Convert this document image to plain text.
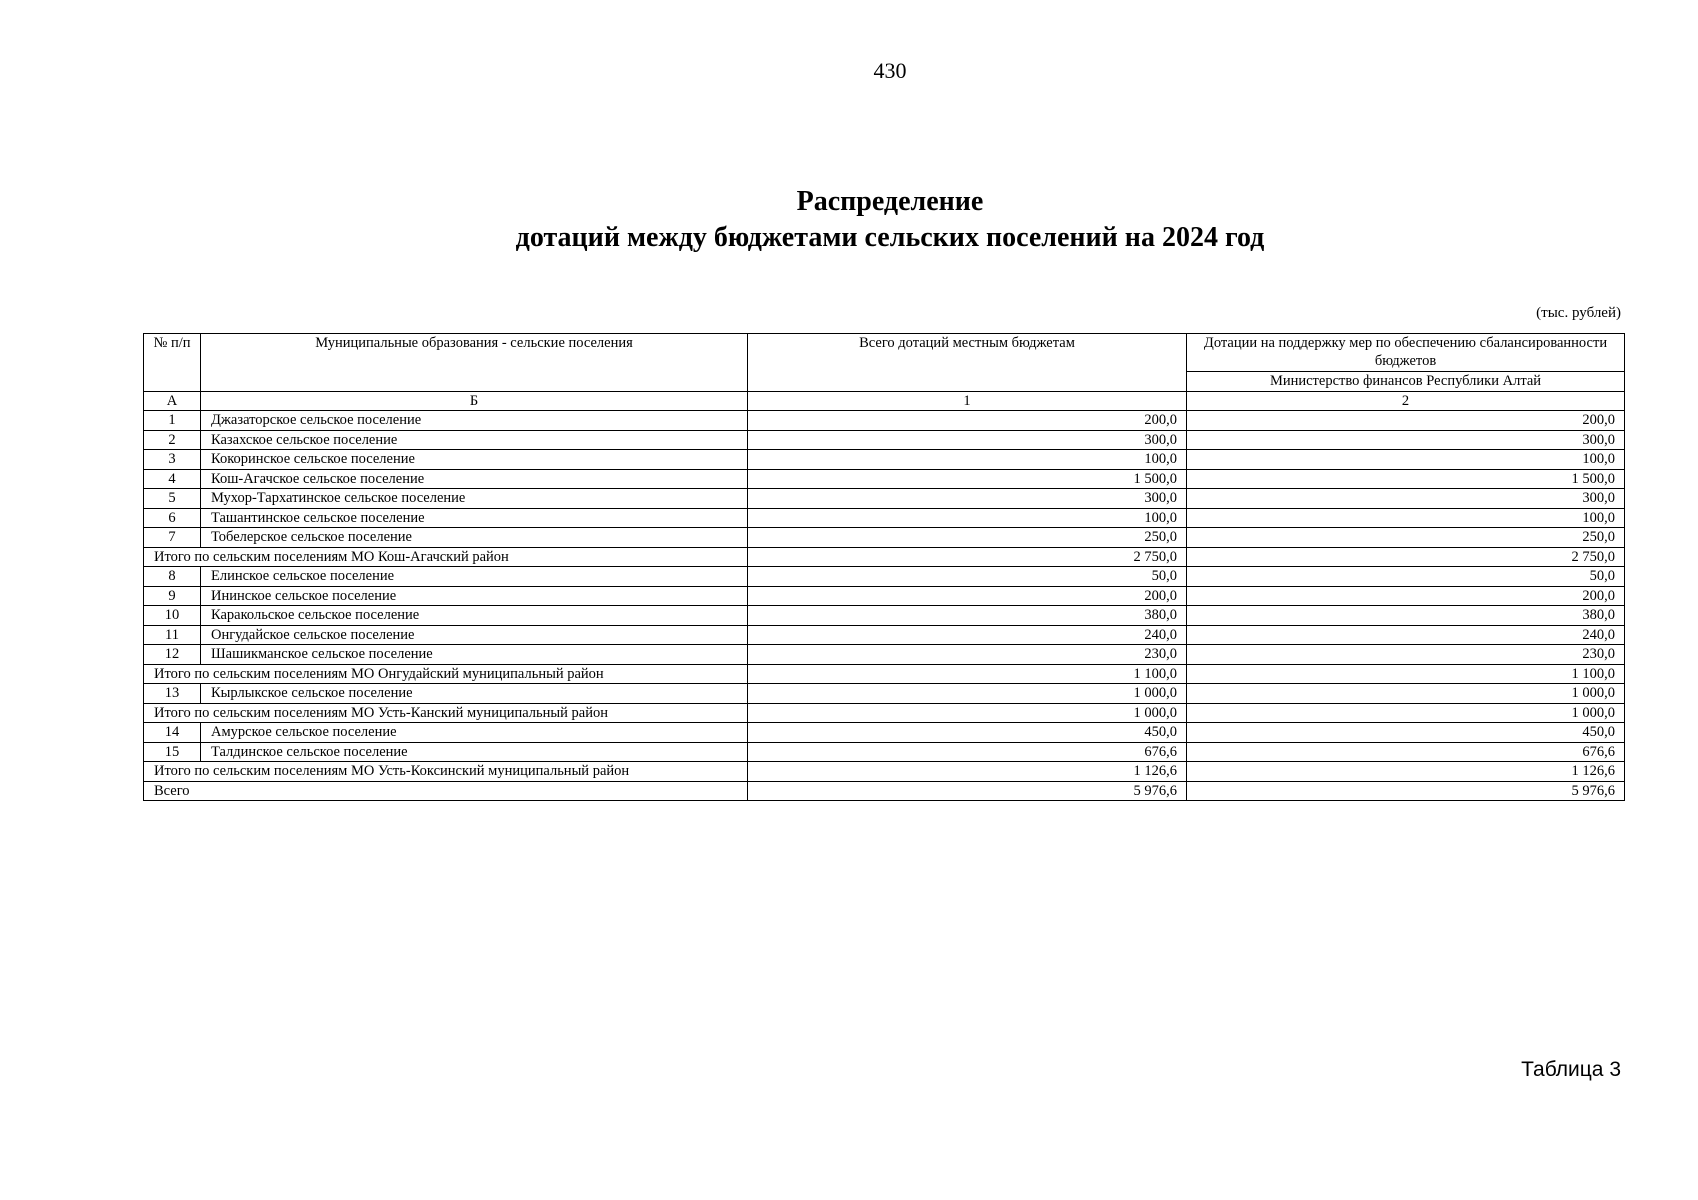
430
Распределение
дотаций между бюджетами сельских поселений на 2024 год
(тыс. рублей)
№ п/п	Муниципальные образования - сельские поселения	Всего дотаций местным бюджетам	Дотации на поддержку мер по обеспечению сбалансированности бюджетов
			Министерство финансов Республики Алтай
А	Б	1	2
1	Джазаторское сельское поселение	200,0	200,0
2	Казахское сельское поселение	300,0	300,0
3	Кокоринское сельское поселение	100,0	100,0
4	Кош-Агачское сельское поселение	1 500,0	1 500,0
5	Мухор-Тархатинское сельское поселение	300,0	300,0
6	Ташантинское сельское поселение	100,0	100,0
7	Тобелерское сельское поселение	250,0	250,0
Итого по сельским поселениям МО Кош-Агачский район		2 750,0	2 750,0
8	Елинское сельское поселение	50,0	50,0
9	Ининское сельское поселение	200,0	200,0
10	Каракольское сельское поселение	380,0	380,0
11	Онгудайское сельское поселение	240,0	240,0
12	Шашикманское сельское поселение	230,0	230,0
Итого по сельским поселениям МО Онгудайский муниципальный район		1 100,0	1 100,0
13	Кырлыкское сельское поселение	1 000,0	1 000,0
Итого по сельским поселениям МО Усть-Канский муниципальный район		1 000,0	1 000,0
14	Амурское сельское поселение	450,0	450,0
15	Талдинское сельское поселение	676,6	676,6
Итого по сельским поселениям МО Усть-Коксинский муниципальный район		1 126,6	1 126,6
Всего		5 976,6	5 976,6
Таблица 3
